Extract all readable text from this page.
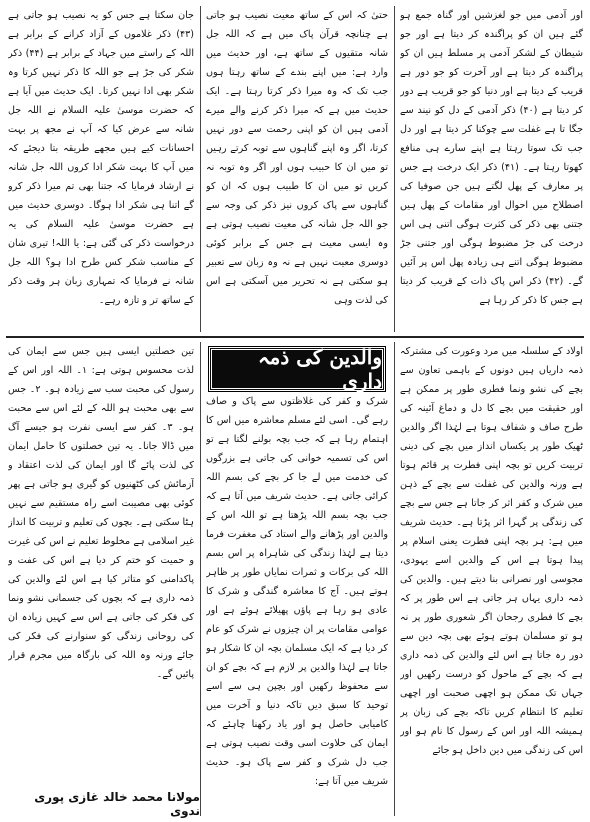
اور آدمی میں جو لغزشیں اور گناہ جمع ہو گئے ہیں ان کو پراگندہ کر دیتا ہے اور جو شیطان کے لشکر آدمی پر مسلط ہیں ان کو پراگندہ کر دیتا ہے اور آخرت کو جو دور ہے قریب کے دیتا ہے اور دنیا کو جو قریب ہے دور کر دیتا ہے (۴۰) ذکر آدمی کے دل کو نیند سے جگا تا ہے غفلت سے چوکنا کر دیتا ہے اور دل جب تک سوتا رہتا ہے اپنے سارے ہی منافع کھوتا رہتا ہے۔ (۴۱) ذکر ایک درخت ہے جس پر معارف کے پھل لگتے ہیں جن صوفیا کی اصطلاح میں احوال اور مقامات کے پھل ہیں جتنی بھی ذکر کی کثرت ہوگی اتنی ہی اس درخت کی جڑ مضبوط ہوگی اور جتنی جڑ مضبوط ہوگی اتنے ہی زیادہ پھل اس پر آئیں گے۔ (۴۲) ذکر اس پاک ذات کے قریب کر دیتا ہے جس کا ذکر کر رہا ہے

حتیٰ کہ اس کے ساتھ معیت نصیب ہو جاتی ہے چنانچہ قرآن پاک میں ہے کہ اللہ جل شانہ متقیوں کے ساتھ ہے، اور حدیث میں وارد ہے: میں اپنے بندے کے ساتھ رہتا ہوں جب تک کہ وہ میرا ذکر کرتا رہتا ہے۔ ایک حدیث میں ہے کہ میرا ذکر کرنے والے میرے آدمی ہیں ان کو اپنی رحمت سے دور نہیں کرتا، اگر وہ اپنے گناہوں سے توبہ کرتے رہیں تو میں ان کا حبیب ہوں اور اگر وہ توبہ نہ کریں تو میں ان کا طبیب ہوں کہ ان کو گناہوں سے پاک کروں نیز ذکر کی وجہ سے جو اللہ جل شانہ کی معیت نصیب ہوتی ہے وہ ایسی معیت ہے جس کے برابر کوئی دوسری معیت نہیں ہے نہ وہ زبان سے تعبیر ہو سکتی ہے نہ تحریر میں آسکتی ہے اس کی لذت وہی

جان سکتا ہے جس کو یہ نصیب ہو جاتی ہے (۴۳) ذکر غلاموں کے آزاد کرانے کے برابر ہے اللہ کے راستے میں جہاد کے برابر ہے (۴۴) ذکر شکر کی جڑ ہے جو اللہ کا ذکر نہیں کرتا وہ شکر بھی ادا نہیں کرتا۔ ایک حدیث میں آیا ہے کہ حضرت موسیٰ علیہ السلام نے اللہ جل شانہ سے عرض کیا کہ آپ نے مجھ پر بہت احسانات کیے ہیں مجھے طریقہ بتا دیجئے کہ میں آپ کا بہت شکر ادا کروں اللہ جل شانہ نے ارشاد فرمایا کہ جتنا بھی تم میرا ذکر کرو گے اتنا ہی شکر ادا ہوگا۔ دوسری حدیث میں ہے حضرت موسیٰ علیہ السلام کی یہ درخواست ذکر کی گئی ہے: یا اللہ! تیری شان کے مناسب شکر کس طرح ادا ہو؟ اللہ جل شانہ نے فرمایا کہ تمہاری زبان ہر وقت ذکر کے ساتھ تر و تازہ رہے۔

والدین کی ذمہ داری

اولاد کے سلسلہ میں مرد وعورت کی مشترکہ ذمہ داریاں ہیں دونوں کے باہمی تعاون سے بچے کی نشو ونما فطری طور پر ممکن ہے اور حقیقت میں بچے کا دل و دماغ آئینہ کی طرح صاف و شفاف ہوتا ہے لہٰذا اگر والدین ٹھیک طور پر یکساں انداز میں بچے کی دینی تربیت کریں تو بچہ اپنی فطرت پر قائم ہوتا ہے ورنہ والدین کی غفلت سے بچے کے ذہن میں شرک و کفر اثر کر جاتا ہے جس سے بچے کی زندگی پر گہرا اثر پڑتا ہے۔ حدیث شریف میں ہے: ہر بچہ اپنی فطرت یعنی اسلام پر پیدا ہوتا ہے اس کے والدین اسے یہودی، مجوسی اور نصرانی بنا دیتے ہیں۔ والدین کی ذمہ داری یہاں ہر جاتی ہے اس طور پر کہ بچے کا فطری رجحان اگر شعوری طور پر نہ ہو تو مسلمان ہوتے ہوئے بھی بچہ دین سے دور رہ جاتا ہے اس لئے والدین کی ذمہ داری ہے کہ بچے کے ماحول کو درست رکھیں اور جہاں تک ممکن ہو اچھی صحبت اور اچھی تعلیم کا انتظام کریں تاکہ بچے کی زبان پر ہمیشہ اللہ اور اس کے رسول کا نام ہو اور اس کی زندگی میں دین داخل ہو جائے

شرک و کفر کی غلاظتوں سے پاک و صاف رہے گی۔ اسی لئے مسلم معاشرہ میں اس کا اہتمام رہا ہے کہ جب بچہ بولنے لگتا ہے تو اس کی تسمیہ خوانی کی جاتی ہے بزرگوں کی خدمت میں لے جا کر بچے کی بسم اللہ کرائی جاتی ہے۔ حدیث شریف میں آتا ہے کہ جب بچہ بسم اللہ پڑھتا ہے تو اللہ اس کے والدین اور پڑھانے والے استاد کی مغفرت فرما دیتا ہے لہٰذا زندگی کی شاہراہ پر اس بسم اللہ کی برکات و ثمرات نمایاں طور پر ظاہر ہوتے ہیں۔ آج کا معاشرہ گندگی و شرک کا عادی ہو رہا ہے پاؤں پھیلائے ہوئے ہے اور عوامی مقامات پر ان چیزوں نے شرک کو عام کر دیا ہے کہ ایک مسلمان بچہ ان کا شکار ہو جاتا ہے لہٰذا والدین پر لازم ہے کہ بچے کو ان سے محفوظ رکھیں اور بچپن ہی سے اسے توحید کا سبق دیں تاکہ دنیا و آخرت میں کامیابی حاصل ہو اور یاد رکھنا چاہئے کہ ایمان کی حلاوت اسی وقت نصیب ہوتی ہے جب دل شرک و کفر سے پاک ہو۔ حدیث شریف میں آتا ہے:

تین خصلتیں ایسی ہیں جس سے ایمان کی لذت محسوس ہوتی ہے: ۱۔ اللہ اور اس کے رسول کی محبت سب سے زیادہ ہو۔ ۲۔ جس سے بھی محبت ہو اللہ کے لئے اس سے محبت ہو۔ ۳۔ کفر سے ایسی نفرت ہو جیسے آگ میں ڈالا جانا۔ یہ تین خصلتوں کا حامل ایمان کی لذت پائے گا اور ایمان کی لذت اعتقاد و آزمائش کی کٹھنیوں کو گیری ہو جاتی ہے پھر کوئی بھی مصیبت اسے راہ مستقیم سے نہیں ہٹا سکتی ہے۔ بچوں کی تعلیم و تربیت کا انداز غیر اسلامی ہے مخلوط تعلیم نے اس کی غیرت و حمیت کو ختم کر دیا ہے اس کی عفت و پاکدامنی کو متاثر کیا ہے اس لئے والدین کی ذمہ داری ہے کہ بچوں کی جسمانی نشو ونما کی فکر کی جاتی ہے اس سے کہیں زیادہ ان کی روحانی زندگی کو سنوارنے کی فکر کی جائے ورنہ وہ اللہ کی بارگاہ میں مجرم قرار پائیں گے۔

مولانا محمد خالد غازی پوری ندوی
